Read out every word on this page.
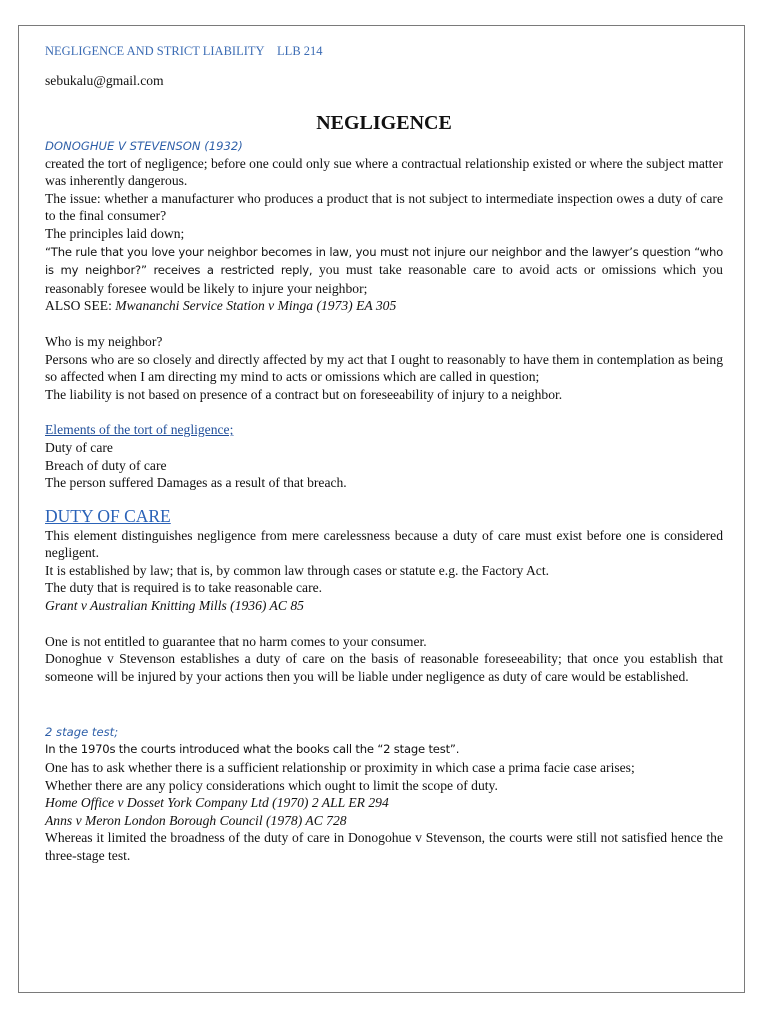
NEGLIGENCE AND STRICT LIABILITY LLB 214

sebukalu@gmail.com

NEGLIGENCE

DONOGHUE V STEVENSON (1932)

created the tort of negligence; before one could only sue where a contractual relationship existed or where the subject matter was inherently dangerous.

The issue: whether a manufacturer who produces a product that is not subject to intermediate inspection owes a duty of care to the final consumer?

The principles laid down;

“The rule that you love your neighbor becomes in law, you must not injure our neighbor and the lawyer’s question “who is my neighbor?” receives a restricted reply, you must take reasonable care to avoid acts or omissions which you reasonably foresee would be likely to injure your neighbor;

ALSO SEE: Mwananchi Service Station v Minga (1973) EA 305

Who is my neighbor?

Persons who are so closely and directly affected by my act that I ought to reasonably to have them in contemplation as being so affected when I am directing my mind to acts or omissions which are called in question;

The liability is not based on presence of a contract but on foreseeability of injury to a neighbor.

Elements of the tort of negligence;

Duty of care

Breach of duty of care

The person suffered Damages as a result of that breach.

DUTY OF CARE

This element distinguishes negligence from mere carelessness because a duty of care must exist before one is considered negligent.

It is established by law; that is, by common law through cases or statute e.g. the Factory Act.

The duty that is required is to take reasonable care.

Grant v Australian Knitting Mills (1936) AC 85

One is not entitled to guarantee that no harm comes to your consumer.

Donoghue v Stevenson establishes a duty of care on the basis of reasonable foreseeability; that once you establish that someone will be injured by your actions then you will be liable under negligence as duty of care would be established.

2 stage test;

In the 1970s the courts introduced what the books call the “2 stage test”.

One has to ask whether there is a sufficient relationship or proximity in which case a prima facie case arises;

Whether there are any policy considerations which ought to limit the scope of duty.

Home Office v Dosset York Company Ltd (1970) 2 ALL ER 294

Anns v Meron London Borough Council (1978) AC 728

Whereas it limited the broadness of the duty of care in Donogohue v Stevenson, the courts were still not satisfied hence the three-stage test.
